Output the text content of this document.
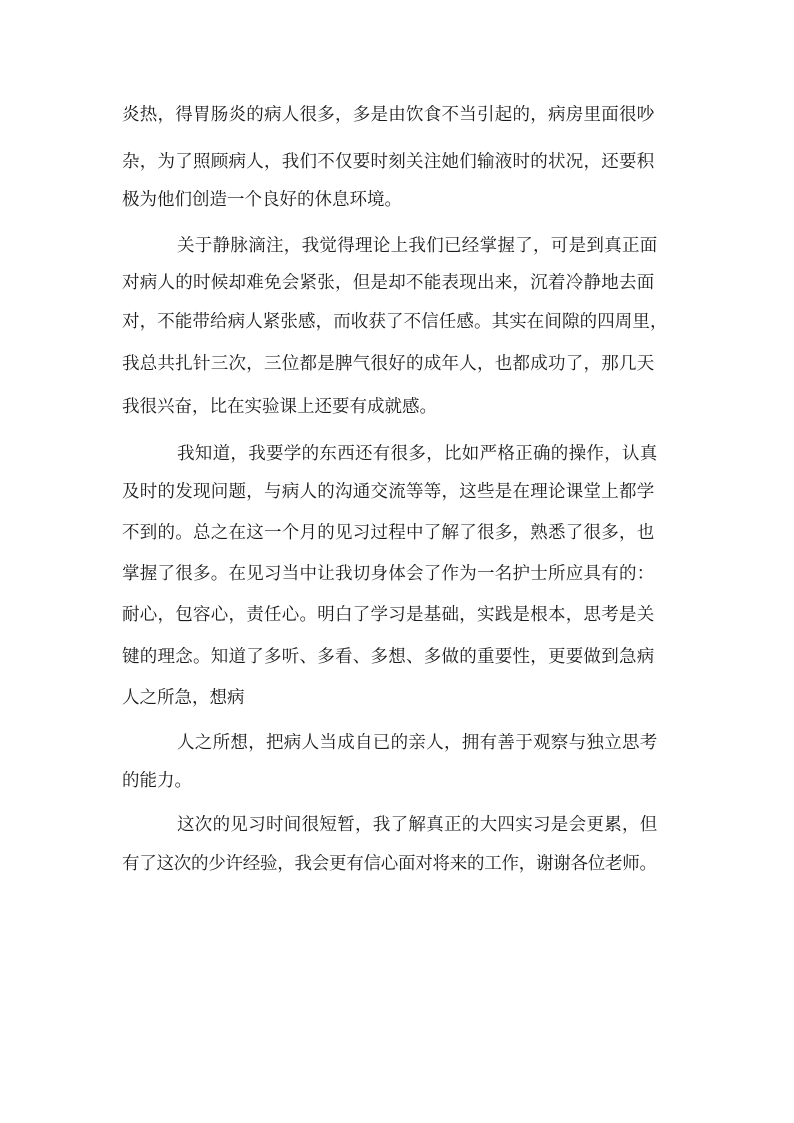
炎热，得胃肠炎的病人很多，多是由饮食不当引起的，病房里面很吵
杂，为了照顾病人，我们不仅要时刻关注她们输液时的状况，还要积
极为他们创造一个良好的休息环境。
关于静脉滴注，我觉得理论上我们已经掌握了，可是到真正面
对病人的时候却难免会紧张，但是却不能表现出来，沉着冷静地去面
对，不能带给病人紧张感，而收获了不信任感。其实在间隙的四周里，
我总共扎针三次，三位都是脾气很好的成年人，也都成功了，那几天
我很兴奋，比在实验课上还要有成就感。
我知道，我要学的东西还有很多，比如严格正确的操作，认真
及时的发现问题，与病人的沟通交流等等，这些是在理论课堂上都学
不到的。总之在这一个月的见习过程中了解了很多，熟悉了很多，也
掌握了很多。在见习当中让我切身体会了作为一名护士所应具有的：
耐心，包容心，责任心。明白了学习是基础，实践是根本，思考是关
键的理念。知道了多听、多看、多想、多做的重要性，更要做到急病
人之所急，想病
人之所想，把病人当成自已的亲人，拥有善于观察与独立思考
的能力。
这次的见习时间很短暂，我了解真正的大四实习是会更累，但
有了这次的少许经验，我会更有信心面对将来的工作，谢谢各位老师。
